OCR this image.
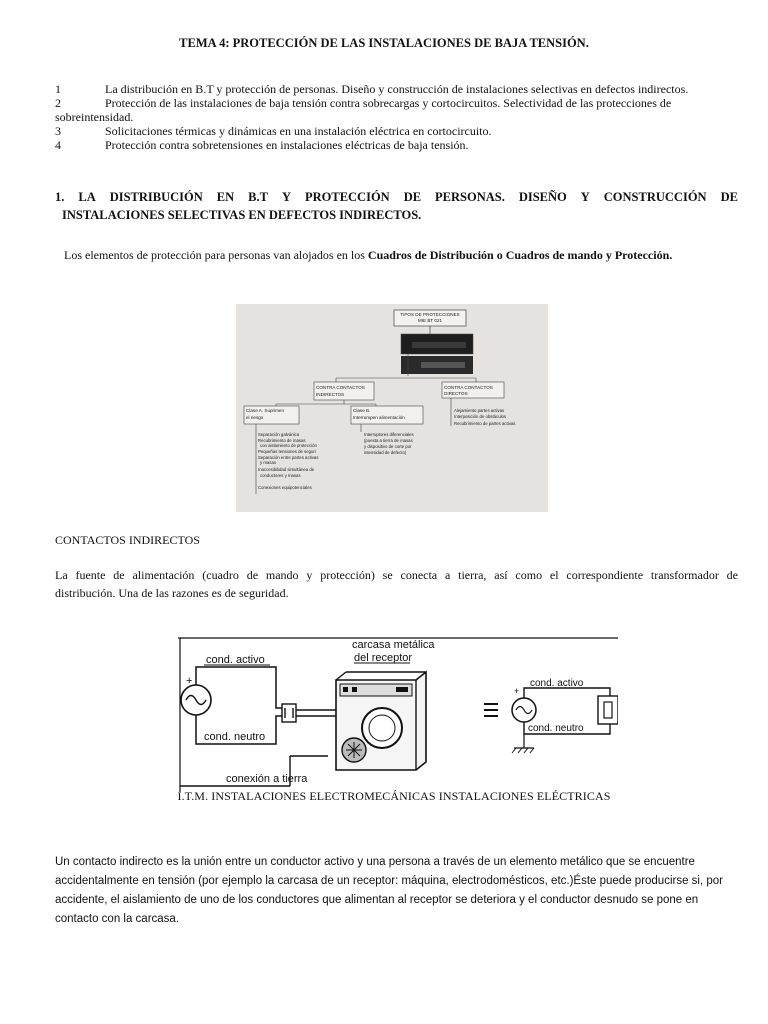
TEMA 4: PROTECCIÓN DE LAS INSTALACIONES DE BAJA TENSIÓN.
1	La distribución en B.T y protección de personas. Diseño y construcción de instalaciones selectivas en defectos indirectos.
2	Protección de las instalaciones de baja tensión contra sobrecargas y cortocircuitos. Selectividad de las protecciones de
sobreintensidad.
3	Solicitaciones térmicas y dinámicas en una instalación eléctrica en cortocircuito.
4	Protección contra sobretensiones en instalaciones eléctricas de baja tensión.
1. LA DISTRIBUCIÓN EN B.T Y PROTECCIÓN DE PERSONAS. DISEÑO Y CONSTRUCCIÓN DE
INSTALACIONES SELECTIVAS EN DEFECTOS INDIRECTOS.
Los elementos de protección para personas van alojados en los Cuadros de Distribución o Cuadros de mando y Protección.
TIPOS DE PROTECCIONES
MIE BT 021
CONTRA CONTACTOS
INDIRECTOS
CONTRA CONTACTOS
DIRECTOS
Clase A. Suprimen
el riesgo
Clase B.
Interrumpen alimentación
Separación galvánica
Recubrimiento de masas
con aislamiento de protección
Pequeñas tensiones de seguri
Separación entre partes activas
y masas
Inaccesibilidad simultánea de
conductores y masas
Conexiones equipotenciales
Interruptores diferenciales
(puesta a tierra de masas
y dispositivo de corte por
intensidad de defecto)
Alejamiento partes activas
Interposición de obstáculos
Recubrimiento de partes activas
CONTACTOS INDIRECTOS
La fuente de alimentación (cuadro de mando y protección) se conecta a tierra, así como el correspondiente transformador de
distribución. Una de las razones es de seguridad.
+
cond. activo
cond. neutro
carcasa metálica
del receptor
conexión a tierra
+
cond. activo
cond. neutro
I.T.M. INSTALACIONES ELECTROMECÁNICAS INSTALACIONES ELÉCTRICAS
Un contacto indirecto es la unión entre un conductor activo y una persona a través de un elemento metálico que se encuentre
accidentalmente en tensión (por ejemplo la carcasa de un receptor: máquina, electrodomésticos, etc.)Éste puede producirse si, por
accidente, el aislamiento de uno de los conductores que alimentan al receptor se deteriora y el conductor desnudo se pone en
contacto con la carcasa.
